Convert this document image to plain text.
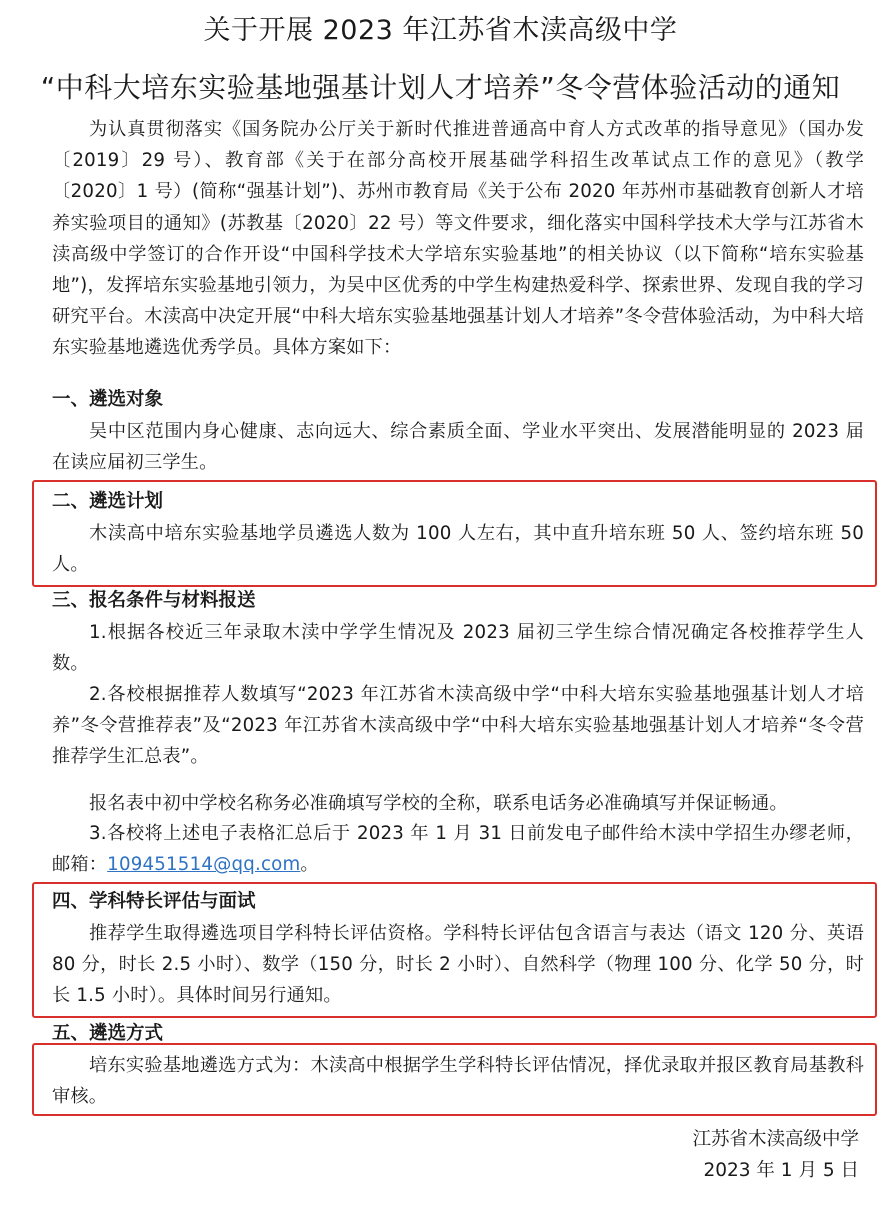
关于开展 2023 年江苏省木渎高级中学
“中科大培东实验基地强基计划人才培养”冬令营体验活动的通知
为认真贯彻落实《国务院办公厅关于新时代推进普通高中育人方式改革的指导意见》（国办发〔2019〕29 号）、教育部《关于在部分高校开展基础学科招生改革试点工作的意见》（教学〔2020〕1 号）(简称“强基计划”)、苏州市教育局《关于公布 2020 年苏州市基础教育创新人才培养实验项目的通知》(苏教基〔2020〕22 号）等文件要求，细化落实中国科学技术大学与江苏省木渎高级中学签订的合作开设“中国科学技术大学培东实验基地”的相关协议（以下简称“培东实验基地”)，发挥培东实验基地引领力，为吴中区优秀的中学生构建热爱科学、探索世界、发现自我的学习研究平台。木渎高中决定开展“中科大培东实验基地强基计划人才培养”冬令营体验活动，为中科大培东实验基地遴选优秀学员。具体方案如下：
一、遴选对象
吴中区范围内身心健康、志向远大、综合素质全面、学业水平突出、发展潜能明显的 2023 届在读应届初三学生。
二、遴选计划
木渎高中培东实验基地学员遴选人数为 100 人左右，其中直升培东班 50 人、签约培东班 50 人。
三、报名条件与材料报送
1.根据各校近三年录取木渎中学学生情况及 2023 届初三学生综合情况确定各校推荐学生人数。
2.各校根据推荐人数填写“2023 年江苏省木渎高级中学“中科大培东实验基地强基计划人才培养”冬令营推荐表”及“2023 年江苏省木渎高级中学“中科大培东实验基地强基计划人才培养“冬令营推荐学生汇总表”。
报名表中初中学校名称务必准确填写学校的全称，联系电话务必准确填写并保证畅通。
3.各校将上述电子表格汇总后于 2023 年 1 月 31 日前发电子邮件给木渎中学招生办缪老师，邮箱：109451514@qq.com。
四、学科特长评估与面试
推荐学生取得遴选项目学科特长评估资格。学科特长评估包含语言与表达（语文 120 分、英语 80 分，时长 2.5 小时）、数学（150 分，时长 2 小时）、自然科学（物理 100 分、化学 50 分，时长 1.5 小时）。具体时间另行通知。
五、遴选方式
培东实验基地遴选方式为：木渎高中根据学生学科特长评估情况，择优录取并报区教育局基教科审核。
江苏省木渎高级中学
2023 年 1 月 5 日
